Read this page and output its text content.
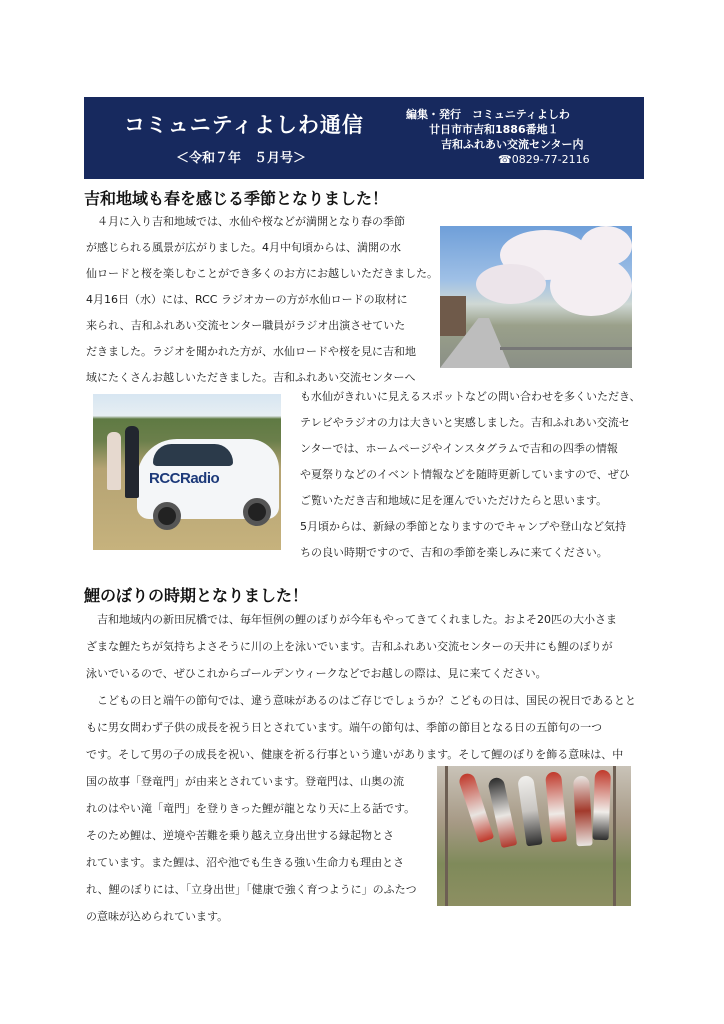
コミュニティよしわ通信
＜令和７年　５月号＞
編集・発行　コミュニティよしわ
廿日市市吉和1886番地１
吉和ふれあい交流センター内
☎0829-77-2116
吉和地域も春を感じる季節となりました！
　４月に入り吉和地域では、水仙や桜などが満開となり春の季節
が感じられる風景が広がりました。4月中旬頃からは、満開の水
仙ロードと桜を楽しむことができ多くのお方にお越しいただきました。
4月16日（水）には、RCC ラジオカーの方が水仙ロードの取材に
来られ、吉和ふれあい交流センター職員がラジオ出演させていた
だきました。ラジオを聞かれた方が、水仙ロードや桜を見に吉和地
域にたくさんお越しいただきました。吉和ふれあい交流センターへ
RCCRadio
も水仙がきれいに見えるスポットなどの問い合わせを多くいただき、
テレビやラジオの力は大きいと実感しました。吉和ふれあい交流セ
ンターでは、ホームページやインスタグラムで吉和の四季の情報
や夏祭りなどのイベント情報などを随時更新していますので、ぜひ
ご覧いただき吉和地域に足を運んでいただけたらと思います。
5月頃からは、新緑の季節となりますのでキャンプや登山など気持
ちの良い時期ですので、吉和の季節を楽しみに来てください。
鯉のぼりの時期となりました！
　吉和地域内の新田尻橋では、毎年恒例の鯉のぼりが今年もやってきてくれました。およそ20匹の大小さま
ざまな鯉たちが気持ちよさそうに川の上を泳いでいます。吉和ふれあい交流センターの天井にも鯉のぼりが
泳いでいるので、ぜひこれからゴールデンウィークなどでお越しの際は、見に来てください。
　こどもの日と端午の節句では、違う意味があるのはご存じでしょうか？こどもの日は、国民の祝日であるとと
もに男女問わず子供の成長を祝う日とされています。端午の節句は、季節の節目となる日の五節句の一つ
です。そして男の子の成長を祝い、健康を祈る行事という違いがあります。そして鯉のぼりを飾る意味は、中
国の故事「登竜門」が由来とされています。登竜門は、山奥の流
れのはやい滝「竜門」を登りきった鯉が龍となり天に上る話です。
そのため鯉は、逆境や苦難を乗り越え立身出世する縁起物とさ
れています。また鯉は、沼や池でも生きる強い生命力も理由とさ
れ、鯉のぼりには、「立身出世」「健康で強く育つように」のふたつ
の意味が込められています。
